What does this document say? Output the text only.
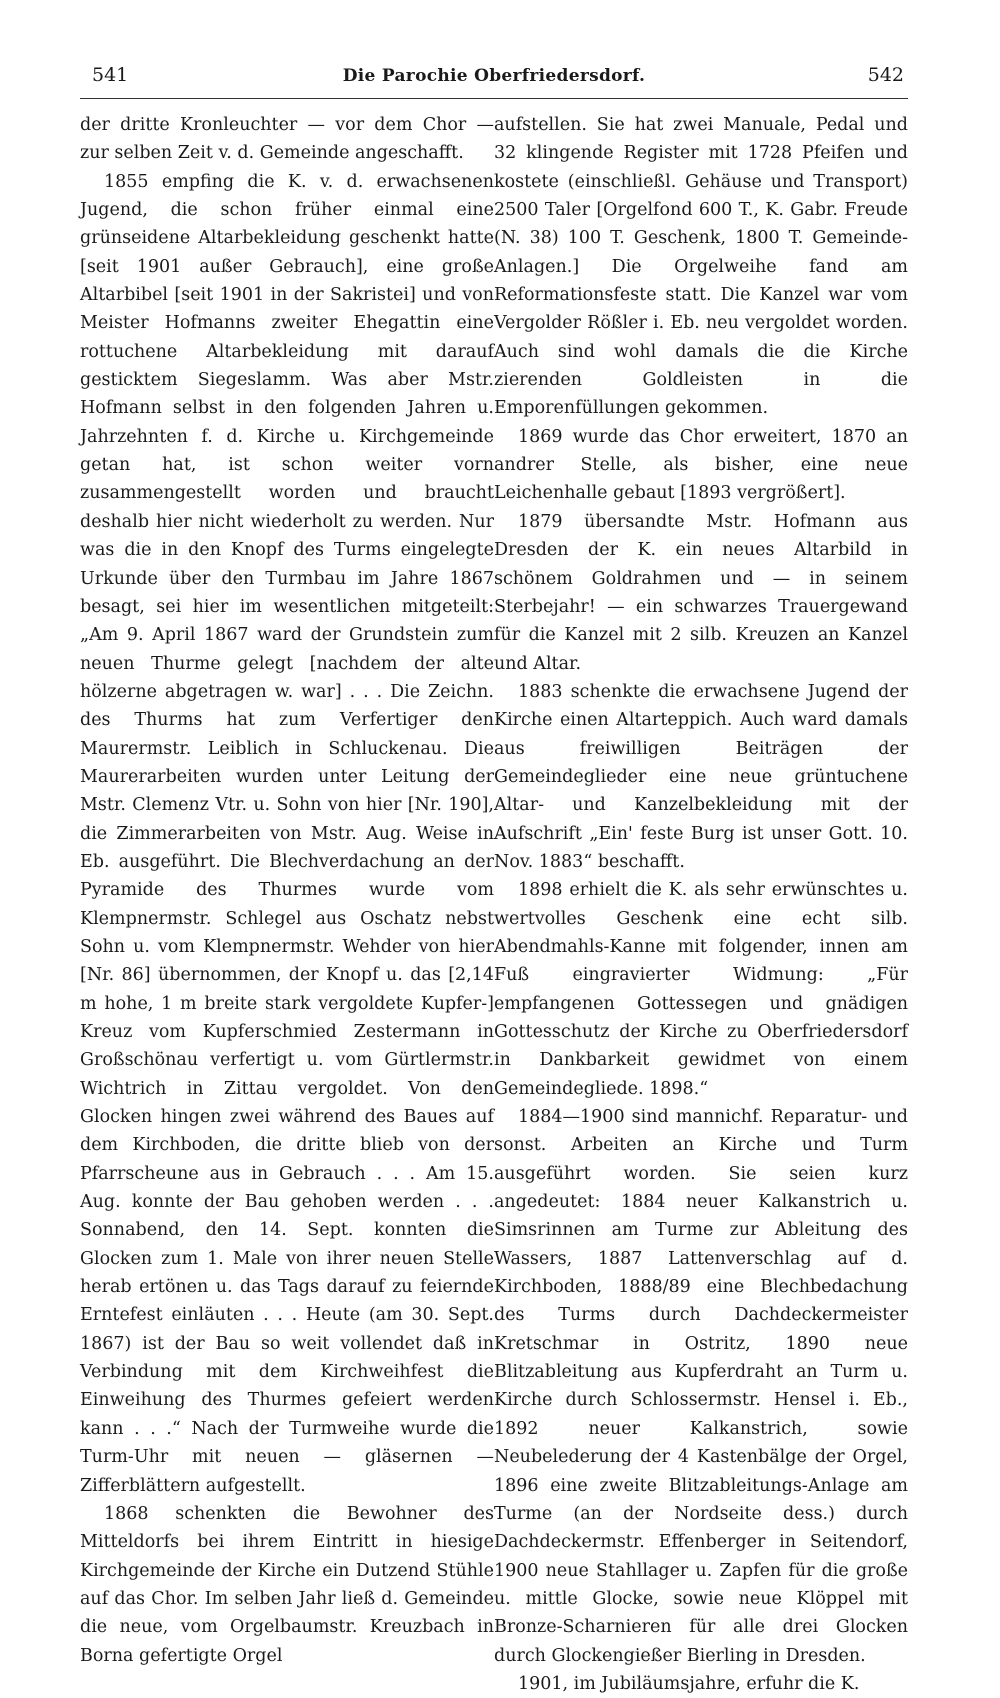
541	Die Parochie Oberfriedersdorf.	542

der dritte Kronleuchter — vor dem Chor — zur selben Zeit v. d. Gemeinde angeschafft.

1855 empfing die K. v. d. erwachsenen Jugend, die schon früher einmal eine grünseidene Altarbekleidung geschenkt hatte [seit 1901 außer Gebrauch], eine große Altarbibel [seit 1901 in der Sakristei] und von Meister Hofmanns zweiter Ehegattin eine rottuchene Altarbekleidung mit darauf gesticktem Siegeslamm. Was aber Mstr. Hofmann selbst in den folgenden Jahren u. Jahrzehnten f. d. Kirche u. Kirchgemeinde getan hat, ist schon weiter vorn zusammengestellt worden und braucht deshalb hier nicht wiederholt zu werden. Nur was die in den Knopf des Turms eingelegte Urkunde über den Turmbau im Jahre 1867 besagt, sei hier im wesentlichen mitgeteilt: „Am 9. April 1867 ward der Grundstein zum neuen Thurme gelegt [nachdem der alte hölzerne abgetragen w. war] . . . Die Zeichn. des Thurms hat zum Verfertiger den Maurermstr. Leiblich in Schluckenau. Die Maurerarbeiten wurden unter Leitung der Mstr. Clemenz Vtr. u. Sohn von hier [Nr. 190], die Zimmerarbeiten von Mstr. Aug. Weise in Eb. ausgeführt. Die Blechverdachung an der Pyramide des Thurmes wurde vom Klempnermstr. Schlegel aus Oschatz nebst Sohn u. vom Klempnermstr. Wehder von hier [Nr. 86] übernommen, der Knopf u. das [2,14 m hohe, 1 m breite stark vergoldete Kupfer-] Kreuz vom Kupferschmied Zestermann in Großschönau verfertigt u. vom Gürtlermstr. Wichtrich in Zittau vergoldet. Von den Glocken hingen zwei während des Baues auf dem Kirchboden, die dritte blieb von der Pfarrscheune aus in Gebrauch . . . Am 15. Aug. konnte der Bau gehoben werden . . . Sonnabend, den 14. Sept. konnten die Glocken zum 1. Male von ihrer neuen Stelle herab ertönen u. das Tags darauf zu feiernde Erntefest einläuten . . . Heute (am 30. Sept. 1867) ist der Bau so weit vollendet daß in Verbindung mit dem Kirchweihfest die Einweihung des Thurmes gefeiert werden kann . . .“ Nach der Turmweihe wurde die Turm-Uhr mit neuen — gläsernen — Zifferblättern aufgestellt.

1868 schenkten die Bewohner des Mitteldorfs bei ihrem Eintritt in hiesige Kirchgemeinde der Kirche ein Dutzend Stühle auf das Chor. Im selben Jahr ließ d. Gemeinde die neue, vom Orgelbaumstr. Kreuzbach in Borna gefertigte Orgel

aufstellen. Sie hat zwei Manuale, Pedal und 32 klingende Register mit 1728 Pfeifen und kostete (einschließl. Gehäuse und Transport) 2500 Taler [Orgelfond 600 T., K. Gabr. Freude (N. 38) 100 T. Geschenk, 1800 T. Gemeinde-Anlagen.] Die Orgelweihe fand am Reformationsfeste statt. Die Kanzel war vom Vergolder Rößler i. Eb. neu vergoldet worden. Auch sind wohl damals die die Kirche zierenden Goldleisten in die Emporenfüllungen gekommen.

1869 wurde das Chor erweitert, 1870 an andrer Stelle, als bisher, eine neue Leichenhalle gebaut [1893 vergrößert].

1879 übersandte Mstr. Hofmann aus Dresden der K. ein neues Altarbild in schönem Goldrahmen und — in seinem Sterbejahr! — ein schwarzes Trauergewand für die Kanzel mit 2 silb. Kreuzen an Kanzel und Altar.

1883 schenkte die erwachsene Jugend der Kirche einen Altarteppich. Auch ward damals aus freiwilligen Beiträgen der Gemeindeglieder eine neue grüntuchene Altar- und Kanzelbekleidung mit der Aufschrift „Ein' feste Burg ist unser Gott. 10. Nov. 1883“ beschafft.

1898 erhielt die K. als sehr erwünschtes u. wertvolles Geschenk eine echt silb. Abendmahls-Kanne mit folgender, innen am Fuß eingravierter Widmung: „Für empfangenen Gottessegen und gnädigen Gottesschutz der Kirche zu Oberfriedersdorf in Dankbarkeit gewidmet von einem Gemeindegliede. 1898.“

1884—1900 sind mannichf. Reparatur- und sonst. Arbeiten an Kirche und Turm ausgeführt worden. Sie seien kurz angedeutet: 1884 neuer Kalkanstrich u. Simsrinnen am Turme zur Ableitung des Wassers, 1887 Lattenverschlag auf d. Kirchboden, 1888/89 eine Blechbedachung des Turms durch Dachdeckermeister Kretschmar in Ostritz, 1890 neue Blitzableitung aus Kupferdraht an Turm u. Kirche durch Schlossermstr. Hensel i. Eb., 1892 neuer Kalkanstrich, sowie Neubelederung der 4 Kastenbälge der Orgel, 1896 eine zweite Blitzableitungs-Anlage am Turme (an der Nordseite dess.) durch Dachdeckermstr. Effenberger in Seitendorf, 1900 neue Stahllager u. Zapfen für die große u. mittle Glocke, sowie neue Klöppel mit Bronze-Scharnieren für alle drei Glocken durch Glockengießer Bierling in Dresden.

1901, im Jubiläumsjahre, erfuhr die K.
